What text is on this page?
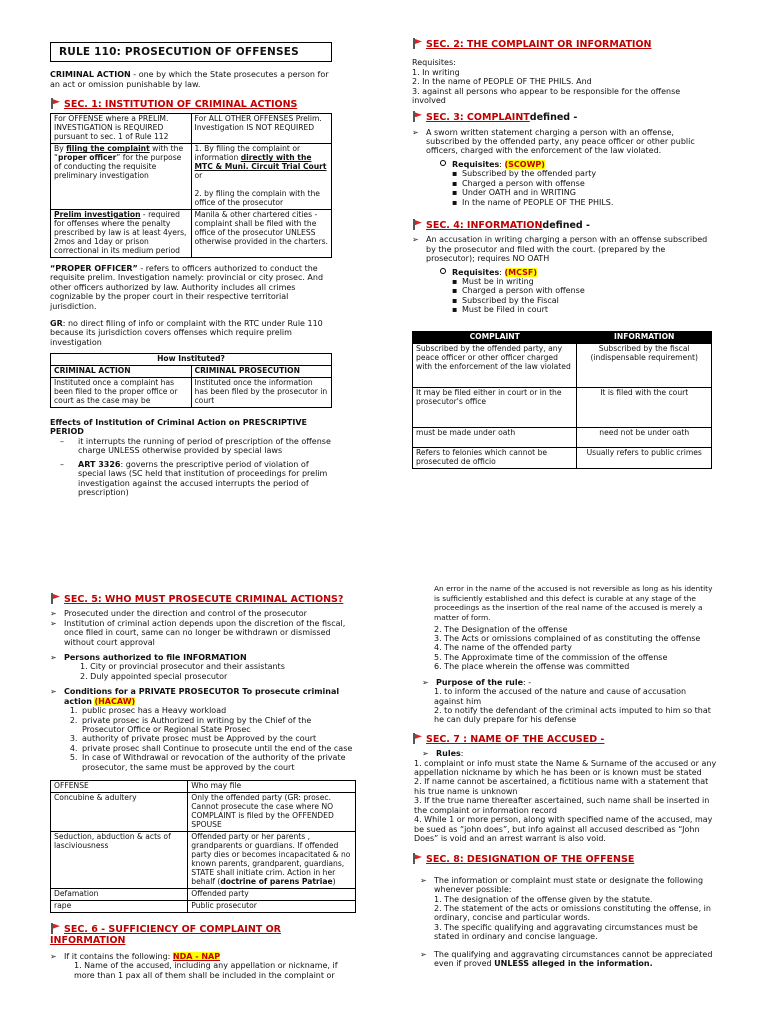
RULE 110: PROSECUTION OF OFFENSES

CRIMINAL ACTION - one by which the State prosecutes a person for an act or omission punishable by law.

SEC. 1: INSTITUTION OF CRIMINAL ACTIONS
For OFFENSE where a PRELIM. INVESTIGATION is REQUIRED pursuant to sec. 1 of Rule 112	For ALL OTHER OFFENSES Prelim. Investigation IS NOT REQUIRED
By filing the complaint with the “proper officer” for the purpose of conducting the requisite preliminary investigation	1. By filing the complaint or information directly with the MTC & Muni. Circuit Trial Court or

2. by filing the complain with the office of the prosecutor
Prelim investigation - required for offenses where the penalty prescribed by law is at least 4yers, 2mos and 1day or prison correctional in its medium period	Manila & other chartered cities - complaint shall be filed with the office of the prosecutor UNLESS otherwise provided in the charters.

“PROPER OFFICER” - refers to officers authorized to conduct the requisite prelim. Investigation namely: provincial or city prosec. And other officers authorized by law. Authority includes all crimes cognizable by the proper court in their respective territorial jurisdiction.

GR: no direct filing of info or complaint with the RTC under Rule 110 because its jurisdiction covers offenses which require prelim investigation

How Instituted?	
CRIMINAL ACTION	CRIMINAL PROSECUTION
Instituted once a complaint has been filed to the proper office or court as the case may be	Instituted once the information has been filed by the prosecutor in court

Effects of Institution of Criminal Action on PRESCRIPTIVE PERIOD

– it interrupts the running of period of prescription of the offense charge UNLESS otherwise provided by special laws
– ART 3326: governs the prescriptive period of violation of special laws (SC held that institution of proceedings for prelim investigation against the accused interrupts the period of prescription)
SEC. 2: THE COMPLAINT OR INFORMATION

Requisites:

1. In writing

2. In the name of PEOPLE OF THE PHILS. And

3. against all persons who appear to be responsible for the offense involved

SEC. 3: COMPLAINTdefined -
➢ A sworn written statement charging a person with an offense, subscribed by the offended party, any peace officer or other public officers, charged with the enforcement of the law violated.

Requisites: (SCOWP)

▪ Subscribed by the offended party
▪ Charged a person with offense
▪ Under OATH and in WRITING
▪ In the name of PEOPLE OF THE PHILS.
SEC. 4: INFORMATIONdefined -
➢ An accusation in writing charging a person with an offense subscribed by the prosecutor and filed with the court. (prepared by the prosecutor); requires NO OATH

Requisites: (MCSF)

▪ Must be in writing
▪ Charged a person with offense
▪ Subscribed by the Fiscal
▪ Must be Filed in court
COMPLAINT	INFORMATION
Subscribed by the offended party, any peace officer or other officer charged with the enforcement of the law violated	Subscribed by the fiscal (indispensable requirement)
It may be filed either in court or in the prosecutor's office	It is filed with the court
must be made under oath	need not be under oath
Refers to felonies which cannot be prosecuted de officio	Usually refers to public crimes
SEC. 5: WHO MUST PROSECUTE CRIMINAL ACTIONS?
➢ Prosecuted under the direction and control of the prosecutor
➢ Institution of criminal action depends upon the discretion of the fiscal, once filed in court, same can no longer be withdrawn or dismissed without court approval
➢ Persons authorized to file INFORMATION

1. City or provincial prosecutor and their assistants

2. Duly appointed special prosecutor

➢ Conditions for a PRIVATE PROSECUTOR To prosecute criminal action (HACAW)
1. public prosec has a Heavy workload
2. private prosec is Authorized in writing by the Chief of the Prosecutor Office or Regional State Prosec
3. authority of private prosec must be Approved by the court
4. private prosec shall Continue to prosecute until the end of the case
5. In case of Withdrawal or revocation of the authority of the private prosecutor, the same must be approved by the court
OFFENSE	Who may file
Concubine & adultery	Only the offended party (GR: prosec. Cannot prosecute the case where NO COMPLAINT is filed by the OFFENDED SPOUSE
Seduction, abduction & acts of lasciviousness	Offended party or her parents , grandparents or guardians. If offended party dies or becomes incapacitated & no known parents, grandparent, guardians, STATE shall initiate crim. Action in her behalf (doctrine of parens Patriae)
Defamation	Offended party
rape	Public prosecutor
SEC. 6 - SUFFICIENCY OF COMPLAINT OR INFORMATION
➢ If it contains the following: NDA - NAP

1. Name of the accused, including any appellation or nickname, if more than 1 pax all of them shall be included in the complaint or

An error in the name of the accused is not reversible as long as his identity is sufficiently established and this defect is curable at any stage of the proceedings as the insertion of the real name of the accused is merely a matter of form.

2. The Designation of the offense

3. The Acts or omissions complained of as constituting the offense

4. The name of the offended party

5. The Approximate time of the commission of the offense

6. The place wherein the offense was committed

➢ Purpose of the rule: -

1. to inform the accused of the nature and cause of accusation against him

2. to notify the defendant of the criminal acts imputed to him so that he can duly prepare for his defense

SEC. 7 : NAME OF THE ACCUSED -
➢ Rules:

1. complaint or info must state the Name & Surname of the accused or any appellation nickname by which he has been or is known must be stated

2. If name cannot be ascertained, a fictitious name with a statement that his true name is unknown

3. If the true name thereafter ascertained, such name shall be inserted in the complaint or information record

4. While 1 or more person, along with specified name of the accused, may be sued as “john does”, but info against all accused described as “John Does” is void and an arrest warrant is also void.

SEC. 8: DESIGNATION OF THE OFFENSE
➢ The information or complaint must state or designate the following whenever possible:

1. The designation of the offense given by the statute.

2. The statement of the acts or omissions constituting the offense, in ordinary, concise and particular words.

3. The specific qualifying and aggravating circumstances must be stated in ordinary and concise language.

➢ The qualifying and aggravating circumstances cannot be appreciated even if proved UNLESS alleged in the information.
